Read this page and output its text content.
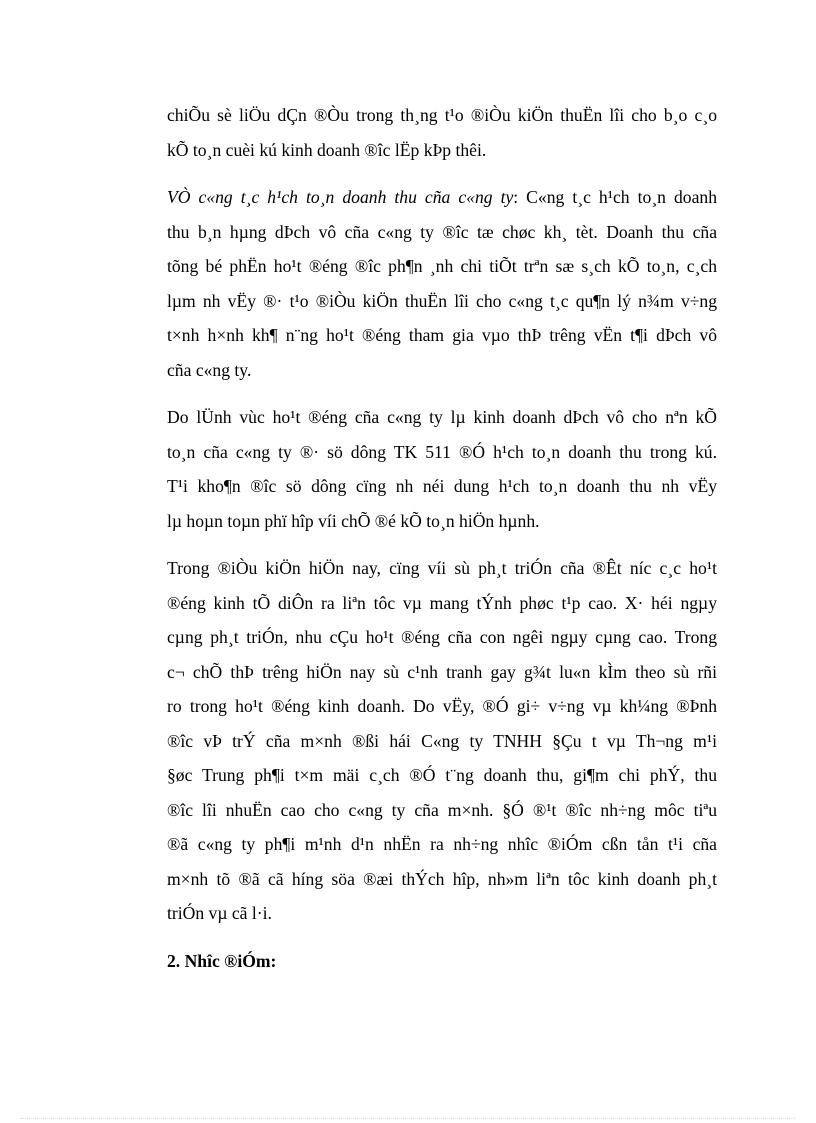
chiÕu sè liÖu dÇn ®Òu trong th¸ng t¹o ®iÒu kiÖn thuËn lîi cho b¸o c¸o
kÕ to¸n cuèi kú kinh doanh ®îc lËp kÞp thêi.
VÒ c«ng t¸c h¹ch to¸n doanh thu cña c«ng ty: C«ng t¸c h¹ch to¸n doanh
thu b¸n hµng dÞch vô cña c«ng ty ®îc tæ chøc kh¸ tèt. Doanh thu cña
tõng bé phËn ho¹t ®éng ®îc ph¶n ¸nh chi tiÕt trªn sæ s¸ch kÕ to¸n, c¸ch
lµm nh vËy ®· t¹o ®iÒu kiÖn thuËn lîi cho c«ng t¸c qu¶n lý n¾m v÷ng
t×nh h×nh kh¶ n¨ng ho¹t ®éng tham gia vµo thÞ trêng vËn t¶i dÞch vô
cña c«ng ty.
Do lÜnh vùc ho¹t ®éng cña c«ng ty lµ kinh doanh dÞch vô cho nªn kÕ
to¸n cña c«ng ty ®· sö dông TK 511 ®Ó h¹ch to¸n doanh thu trong kú.
T¹i kho¶n ®îc sö dông cïng nh néi dung h¹ch to¸n doanh thu nh vËy
lµ hoµn toµn phï hîp víi chÕ ®é kÕ to¸n hiÖn hµnh.
Trong ®iÒu kiÖn hiÖn nay, cïng víi sù ph¸t triÓn cña ®Êt níc c¸c ho¹t
®éng kinh tÕ diÔn ra liªn tôc vµ mang tÝnh phøc t¹p cao. X· héi ngµy
cµng ph¸t triÓn, nhu cÇu ho¹t ®éng cña con ngêi ngµy cµng cao. Trong
c¬ chÕ thÞ trêng hiÖn nay sù c¹nh tranh gay g¾t lu«n kÌm theo sù rñi
ro trong ho¹t ®éng kinh doanh. Do vËy, ®Ó gi÷ v÷ng vµ kh¼ng ®Þnh
®îc vÞ trÝ cña m×nh ®ßi hái C«ng ty TNHH §Çu t vµ Th¬ng m¹i
§øc Trung ph¶i t×m mäi c¸ch ®Ó t¨ng doanh thu, gi¶m chi phÝ, thu
®îc lîi nhuËn cao cho c«ng ty cña m×nh. §Ó ®¹t ®îc nh÷ng môc tiªu
®ã c«ng ty ph¶i m¹nh d¹n nhËn ra nh÷ng nhîc ®iÓm cßn tån t¹i cña
m×nh tõ ®ã cã híng söa ®æi thÝch hîp, nh»m liªn tôc kinh doanh ph¸t
triÓn vµ cã l·i.
2. Nhîc ®iÓm:
